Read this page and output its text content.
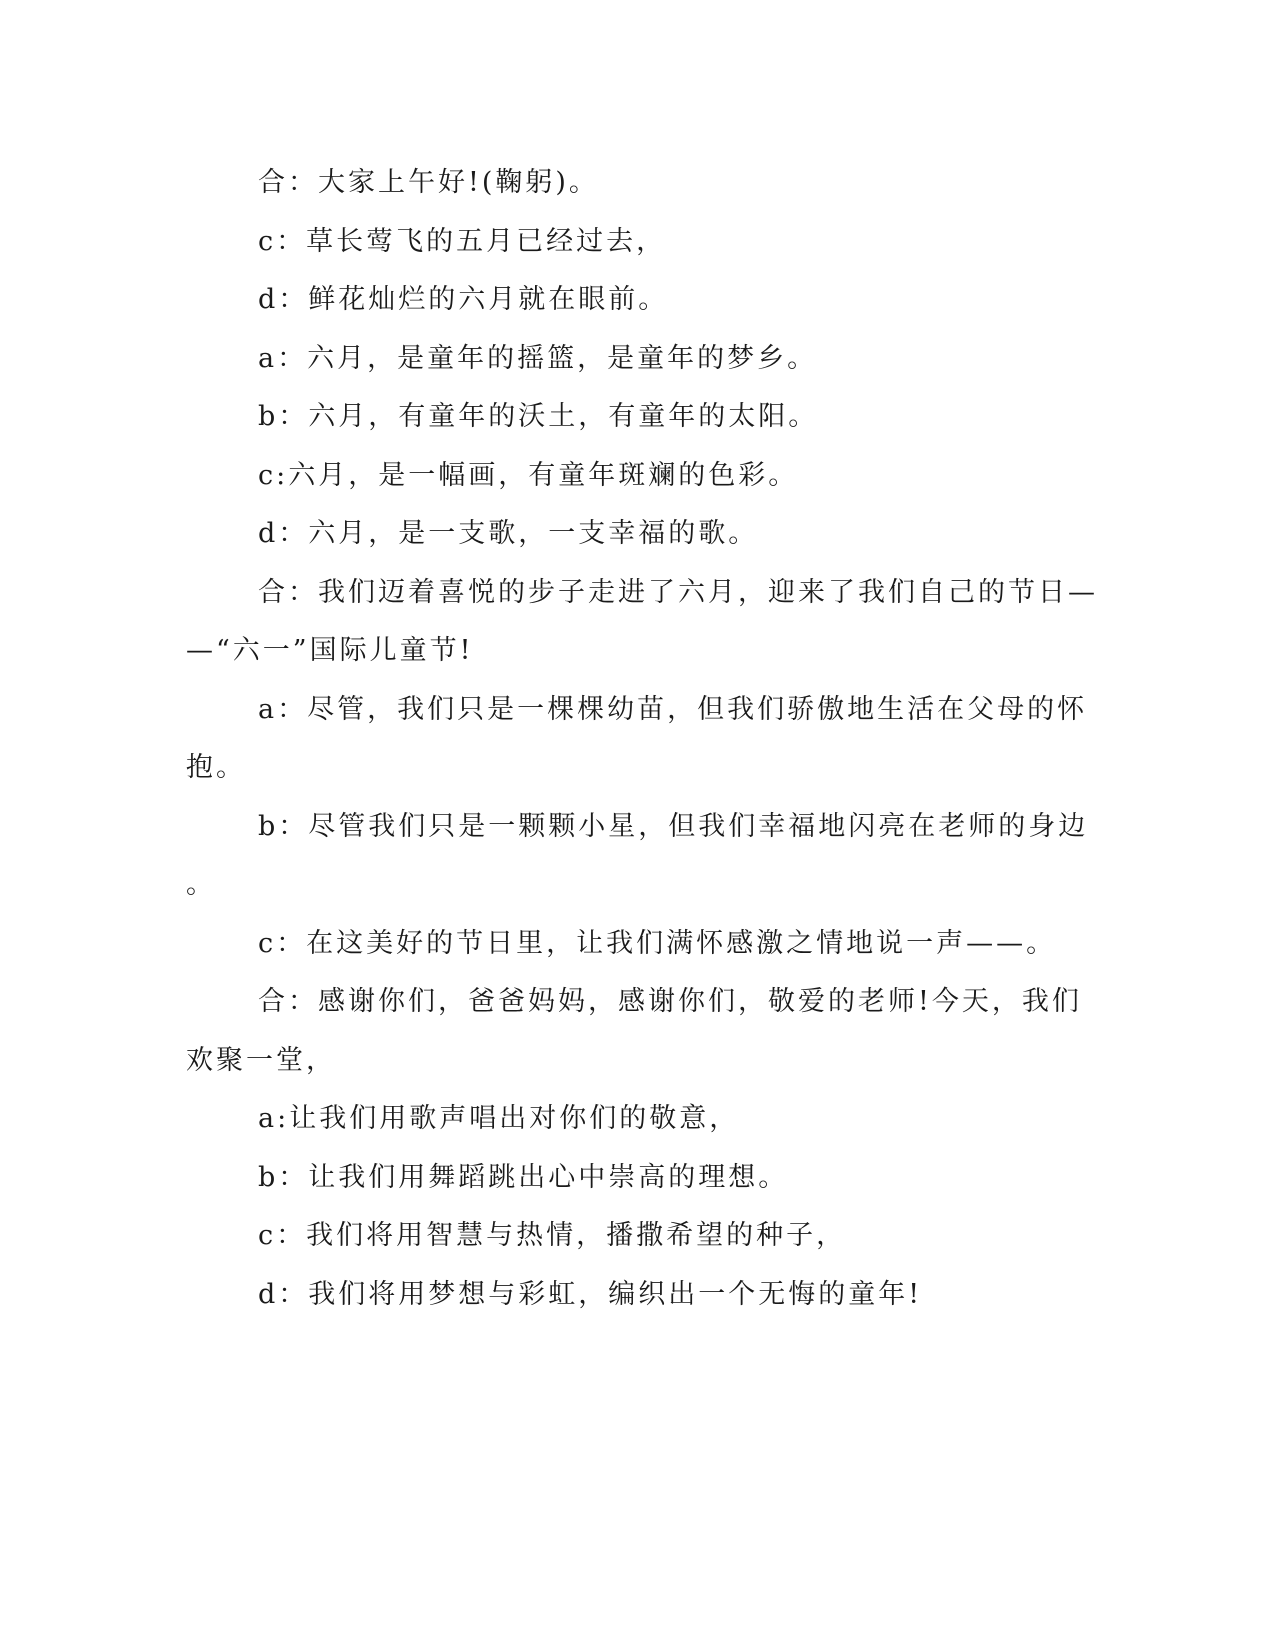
合：大家上午好!(鞠躬)。
c：草长莺飞的五月已经过去，
d：鲜花灿烂的六月就在眼前。
a：六月，是童年的摇篮，是童年的梦乡。
b：六月，有童年的沃土，有童年的太阳。
c:六月，是一幅画，有童年斑斓的色彩。
d：六月，是一支歌，一支幸福的歌。
合：我们迈着喜悦的步子走进了六月，迎来了我们自己的节日—
—“六一”国际儿童节!
a：尽管，我们只是一棵棵幼苗，但我们骄傲地生活在父母的怀
抱。
b：尽管我们只是一颗颗小星，但我们幸福地闪亮在老师的身边
。
c：在这美好的节日里，让我们满怀感激之情地说一声——。
合：感谢你们，爸爸妈妈，感谢你们，敬爱的老师!今天，我们
欢聚一堂，
a:让我们用歌声唱出对你们的敬意，
b：让我们用舞蹈跳出心中崇高的理想。
c：我们将用智慧与热情，播撒希望的种子，
d：我们将用梦想与彩虹，编织出一个无悔的童年!
